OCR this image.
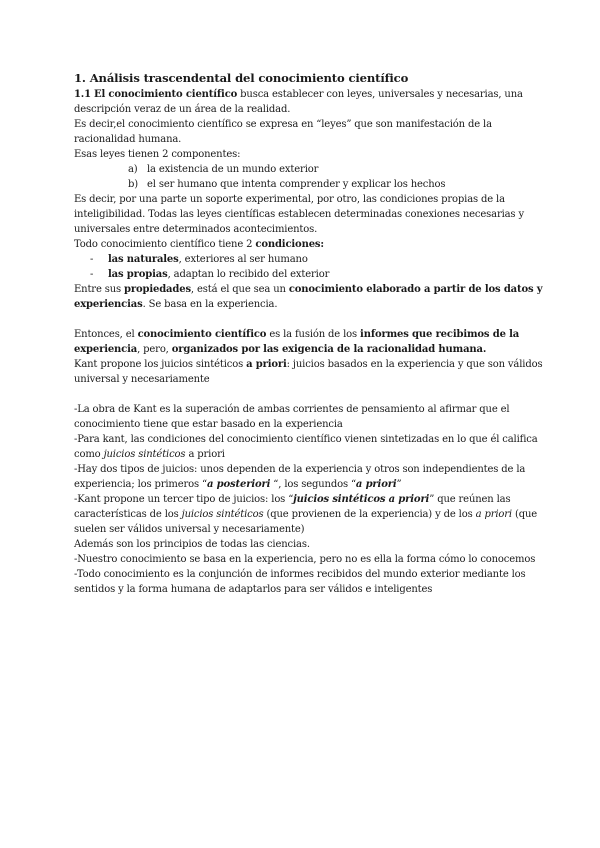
1. Análisis trascendental del conocimiento científico
1.1 El conocimiento científico busca establecer con leyes, universales y necesarias, una
descripción veraz de un área de la realidad.
Es decir,el conocimiento científico se expresa en “leyes” que son manifestación de la
racionalidad humana.
Esas leyes tienen 2 componentes:
a) la existencia de un mundo exterior
b) el ser humano que intenta comprender y explicar los hechos
Es decir, por una parte un soporte experimental, por otro, las condiciones propias de la
inteligibilidad. Todas las leyes científicas establecen determinadas conexiones necesarias y
universales entre determinados acontecimientos.
Todo conocimiento científico tiene 2 condiciones:
- las naturales, exteriores al ser humano
- las propias, adaptan lo recibido del exterior
Entre sus propiedades, está el que sea un conocimiento elaborado a partir de los datos y
experiencias. Se basa en la experiencia.
Entonces, el conocimiento científico es la fusión de los informes que recibimos de la
experiencia, pero, organizados por las exigencia de la racionalidad humana.
Kant propone los juicios sintéticos a priori: juicios basados en la experiencia y que son válidos
universal y necesariamente
-La obra de Kant es la superación de ambas corrientes de pensamiento al afirmar que el
conocimiento tiene que estar basado en la experiencia
-Para kant, las condiciones del conocimiento científico vienen sintetizadas en lo que él califica
como juicios sintéticos a priori
-Hay dos tipos de juicios: unos dependen de la experiencia y otros son independientes de la
experiencia; los primeros “a posteriori “, los segundos “a priori”
-Kant propone un tercer tipo de juicios: los “juicios sintéticos a priori” que reúnen las
características de los juicios sintéticos (que provienen de la experiencia) y de los a priori (que
suelen ser válidos universal y necesariamente)
Además son los principios de todas las ciencias.
-Nuestro conocimiento se basa en la experiencia, pero no es ella la forma cómo lo conocemos
-Todo conocimiento es la conjunción de informes recibidos del mundo exterior mediante los
sentidos y la forma humana de adaptarlos para ser válidos e inteligentes
